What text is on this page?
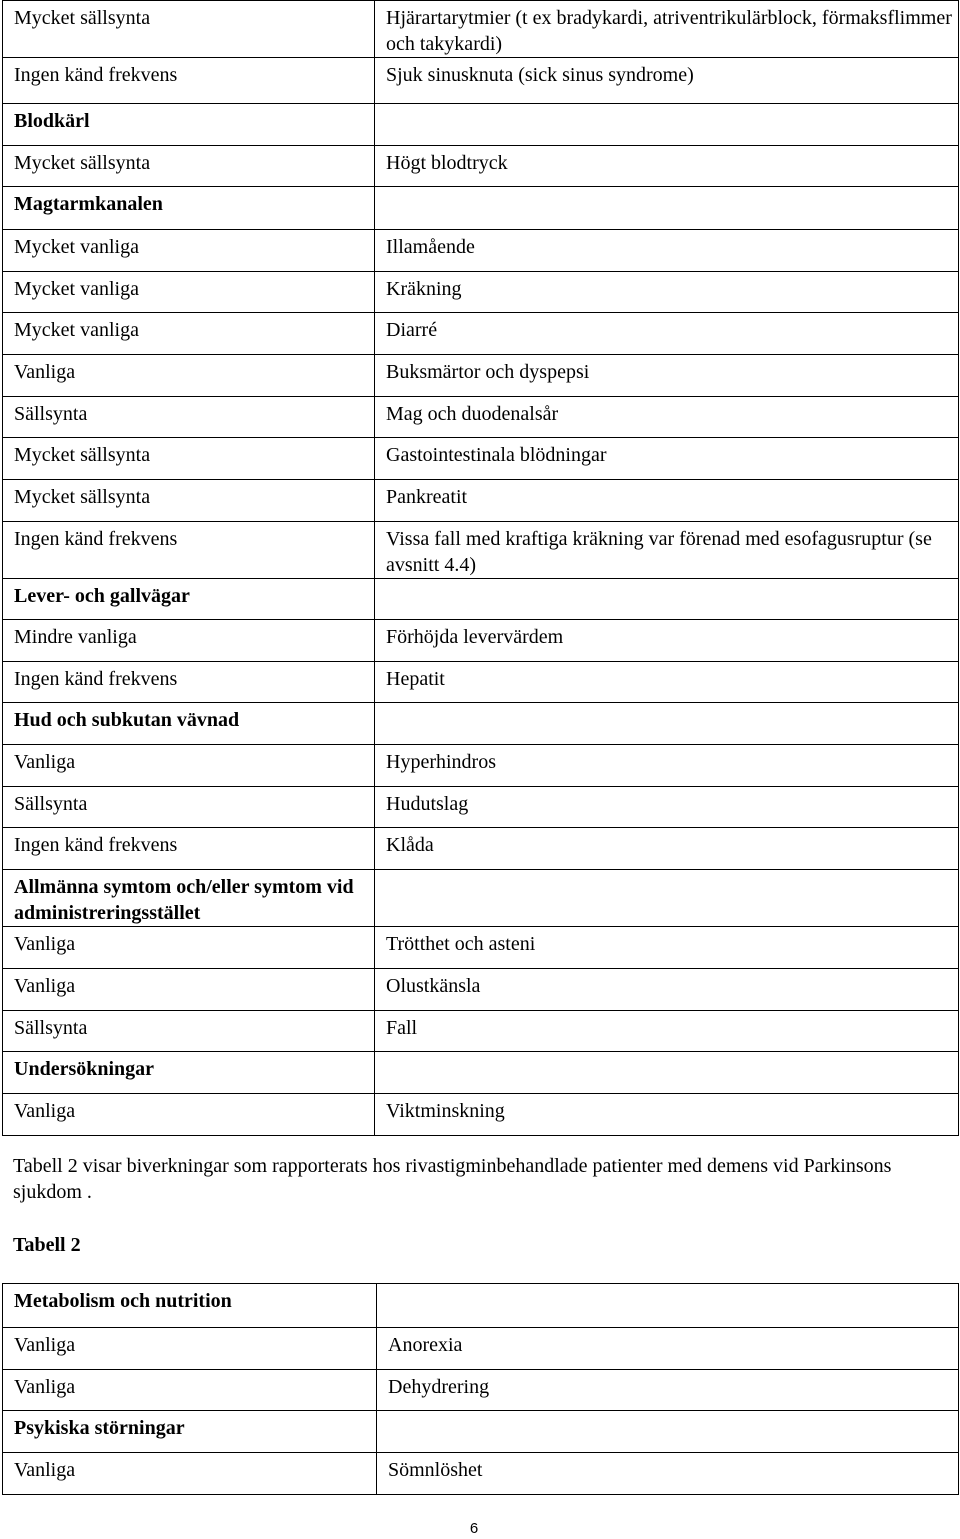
Mycket sällsynta	Hjärartarytmier (t ex bradykardi, atriventrikulärblock, förmaksflimmer och takykardi)
Ingen känd frekvens	Sjuk sinusknuta (sick sinus syndrome)
Blodkärl	
Mycket sällsynta	Högt blodtryck
Magtarmkanalen	
Mycket vanliga	Illamående
Mycket vanliga	Kräkning
Mycket vanliga	Diarré
Vanliga	Buksmärtor och dyspepsi
Sällsynta	Mag och duodenalsår
Mycket sällsynta	Gastointestinala blödningar
Mycket sällsynta	Pankreatit
Ingen känd frekvens	Vissa fall med kraftiga kräkning var förenad med esofagusruptur (se avsnitt 4.4)
Lever- och gallvägar	
Mindre vanliga	Förhöjda levervärdem
Ingen känd frekvens	Hepatit
Hud och subkutan vävnad	
Vanliga	Hyperhindros
Sällsynta	Hudutslag
Ingen känd frekvens	Klåda
Allmänna symtom och/eller symtom vid administreringsstället	
Vanliga	Trötthet och asteni
Vanliga	Olustkänsla
Sällsynta	Fall
Undersökningar	
Vanliga	Viktminskning
Tabell 2 visar biverkningar som rapporterats hos rivastigminbehandlade patienter med demens vid Parkinsons sjukdom .
Tabell 2
Metabolism och nutrition	
Vanliga	Anorexia
Vanliga	Dehydrering
Psykiska störningar	
Vanliga	Sömnlöshet
6
